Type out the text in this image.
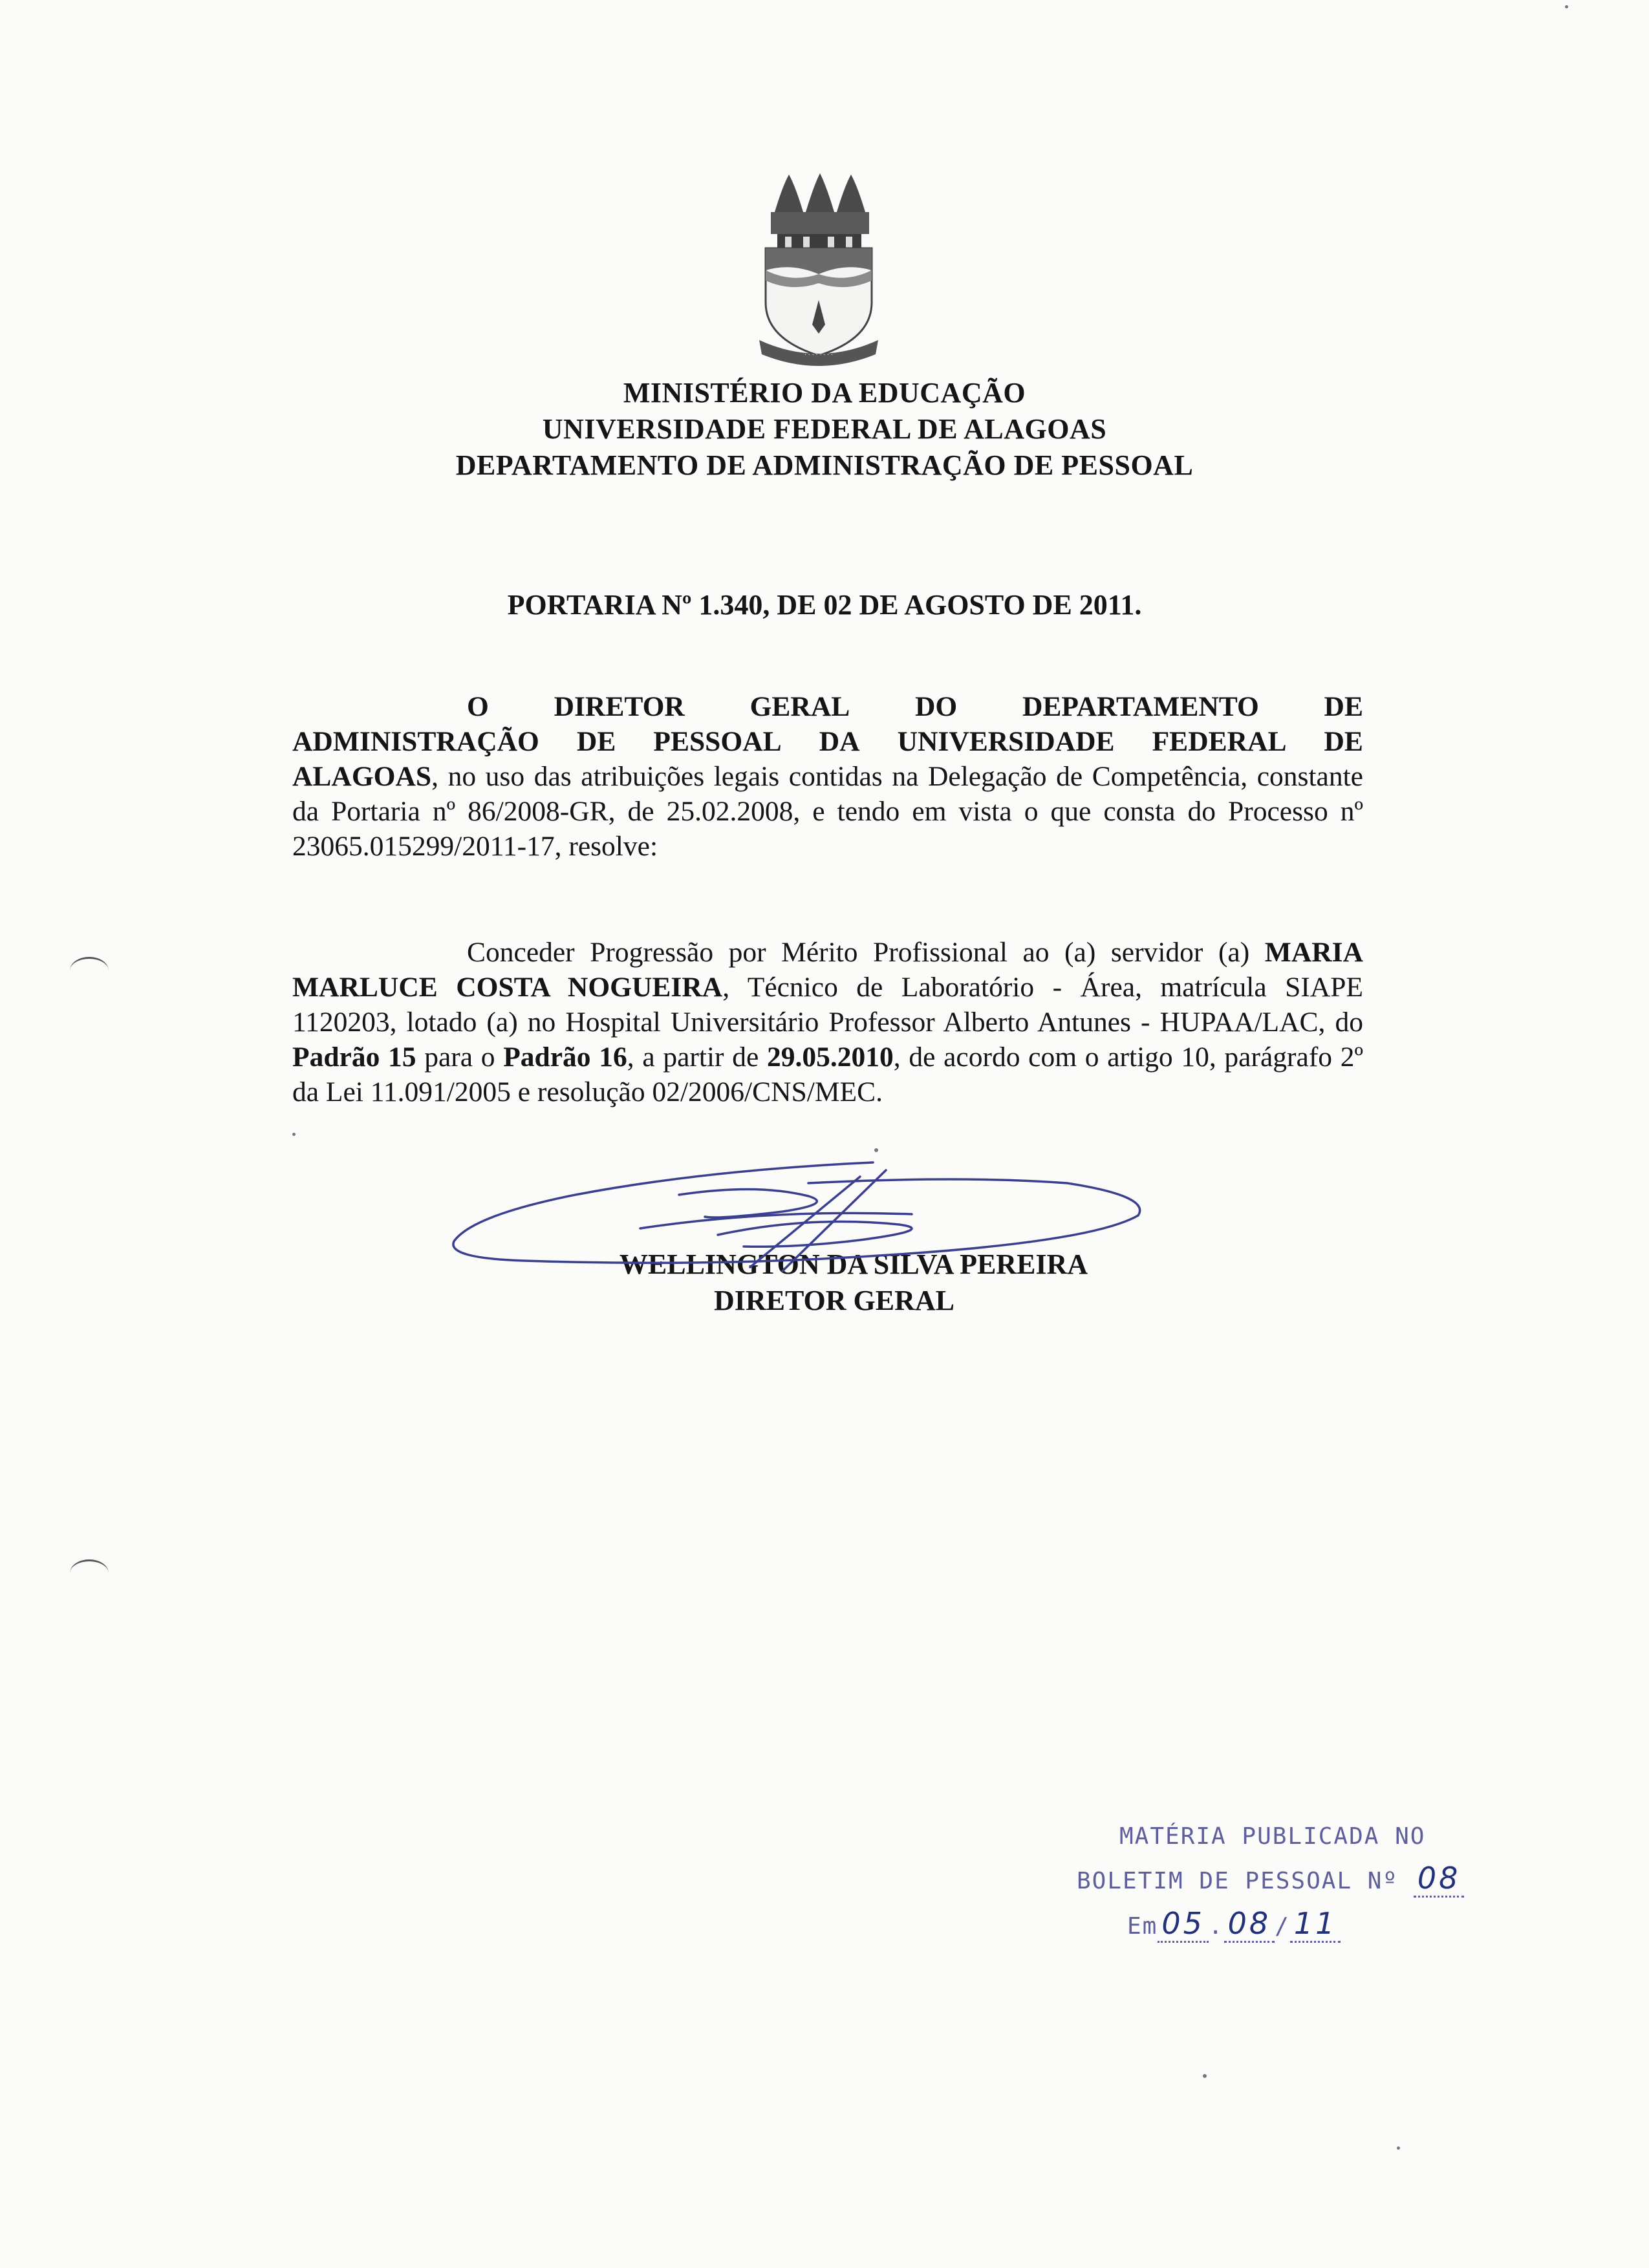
· · · · · · · ·
MINISTÉRIO DA EDUCAÇÃO
UNIVERSIDADE FEDERAL DE ALAGOAS
DEPARTAMENTO DE ADMINISTRAÇÃO DE PESSOAL
PORTARIA Nº 1.340, DE 02 DE AGOSTO DE 2011.
O DIRETOR GERAL DO DEPARTAMENTO DE
ADMINISTRAÇÃO DE PESSOAL DA UNIVERSIDADE FEDERAL DE
ALAGOAS, no uso das atribuições legais contidas na Delegação de Competência, constante da Portaria nº 86/2008-GR, de 25.02.2008, e tendo em vista o que consta do Processo nº 23065.015299/2011-17, resolve:
Conceder Progressão por Mérito Profissional ao (a) servidor (a) MARIA MARLUCE COSTA NOGUEIRA, Técnico de Laboratório - Área, matrícula SIAPE 1120203, lotado (a) no Hospital Universitário Professor Alberto Antunes - HUPAA/LAC, do Padrão 15 para o Padrão 16, a partir de 29.05.2010, de acordo com o artigo 10, parágrafo 2º da Lei 11.091/2005 e resolução 02/2006/CNS/MEC.
WELLINGTON DA SILVA PEREIRA
DIRETOR GERAL
MATÉRIA PUBLICADA NO
BOLETIM DE PESSOAL Nº 08
Em 05 . 08 / 11
